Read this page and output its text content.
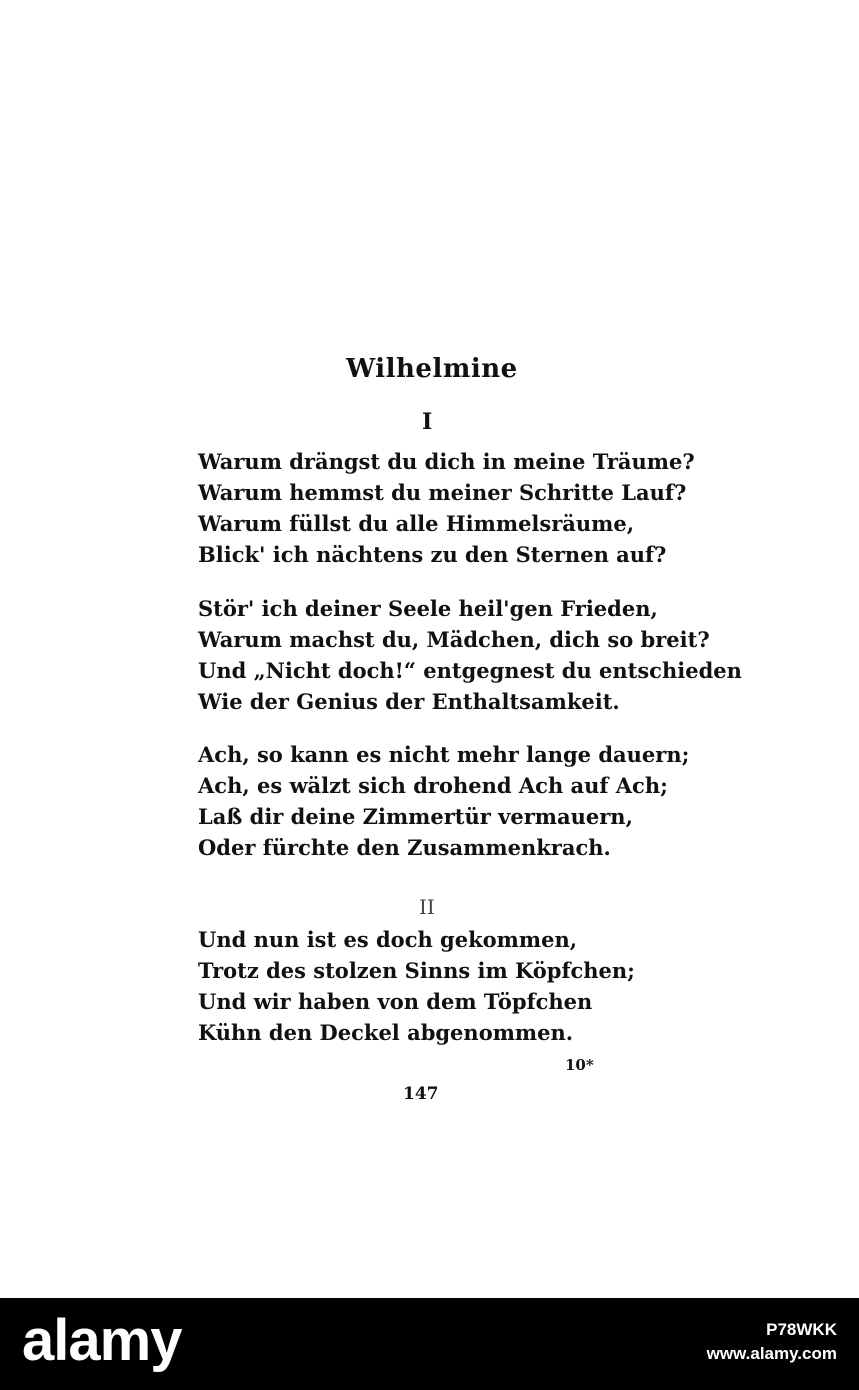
Wilhelmine
I
Warum drängst du dich in meine Träume?
Warum hemmst du meiner Schritte Lauf?
Warum füllst du alle Himmelsräume,
Blick' ich nächtens zu den Sternen auf?
Stör' ich deiner Seele heil'gen Frieden,
Warum machst du, Mädchen, dich so breit?
Und „Nicht doch!“ entgegnest du entschieden
Wie der Genius der Enthaltsamkeit.
Ach, so kann es nicht mehr lange dauern;
Ach, es wälzt sich drohend Ach auf Ach;
Laß dir deine Zimmertür vermauern,
Oder fürchte den Zusammenkrach.
II
Und nun ist es doch gekommen,
Trotz des stolzen Sinns im Köpfchen;
Und wir haben von dem Töpfchen
Kühn den Deckel abgenommen.
10*
147
alamy	P78WKK
www.alamy.com
